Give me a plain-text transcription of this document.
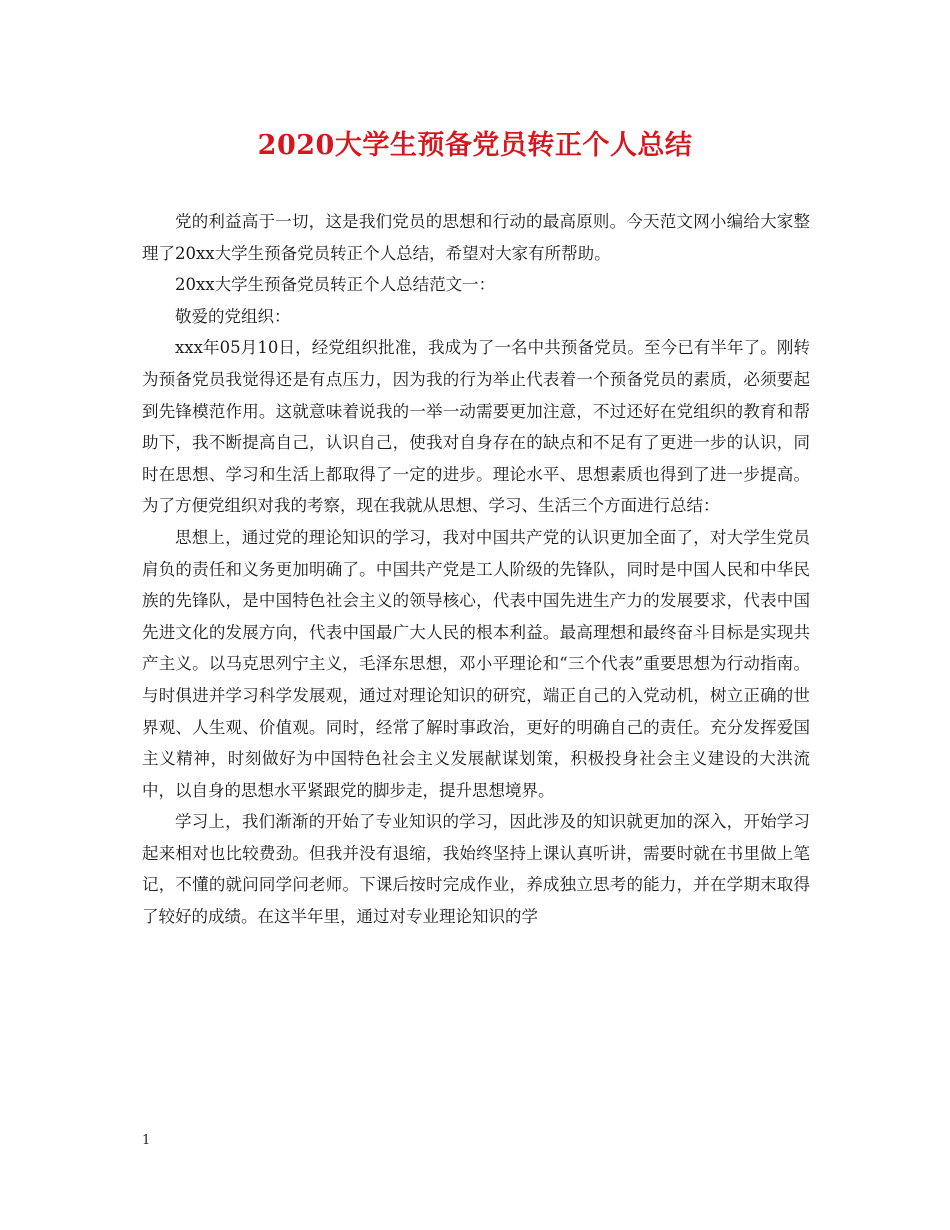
2020大学生预备党员转正个人总结

党的利益高于一切，这是我们党员的思想和行动的最高原则。今天范文网小编给大家整理了20xx大学生预备党员转正个人总结，希望对大家有所帮助。

20xx大学生预备党员转正个人总结范文一：

敬爱的党组织：

xxx年05月10日，经党组织批准，我成为了一名中共预备党员。至今已有半年了。刚转为预备党员我觉得还是有点压力，因为我的行为举止代表着一个预备党员的素质，必须要起到先锋模范作用。这就意味着说我的一举一动需要更加注意，不过还好在党组织的教育和帮助下，我不断提高自己，认识自己，使我对自身存在的缺点和不足有了更进一步的认识，同时在思想、学习和生活上都取得了一定的进步。理论水平、思想素质也得到了进一步提高。为了方便党组织对我的考察，现在我就从思想、学习、生活三个方面进行总结：

思想上，通过党的理论知识的学习，我对中国共产党的认识更加全面了，对大学生党员肩负的责任和义务更加明确了。中国共产党是工人阶级的先锋队，同时是中国人民和中华民族的先锋队，是中国特色社会主义的领导核心，代表中国先进生产力的发展要求，代表中国先进文化的发展方向，代表中国最广大人民的根本利益。最高理想和最终奋斗目标是实现共产主义。以马克思列宁主义，毛泽东思想，邓小平理论和“三个代表”重要思想为行动指南。与时俱进并学习科学发展观，通过对理论知识的研究，端正自己的入党动机，树立正确的世界观、人生观、价值观。同时，经常了解时事政治，更好的明确自己的责任。充分发挥爱国主义精神，时刻做好为中国特色社会主义发展献谋划策，积极投身社会主义建设的大洪流中，以自身的思想水平紧跟党的脚步走，提升思想境界。

学习上，我们渐渐的开始了专业知识的学习，因此涉及的知识就更加的深入，开始学习起来相对也比较费劲。但我并没有退缩，我始终坚持上课认真听讲，需要时就在书里做上笔记，不懂的就问同学问老师。下课后按时完成作业，养成独立思考的能力，并在学期末取得了较好的成绩。在这半年里，通过对专业理论知识的学

1
